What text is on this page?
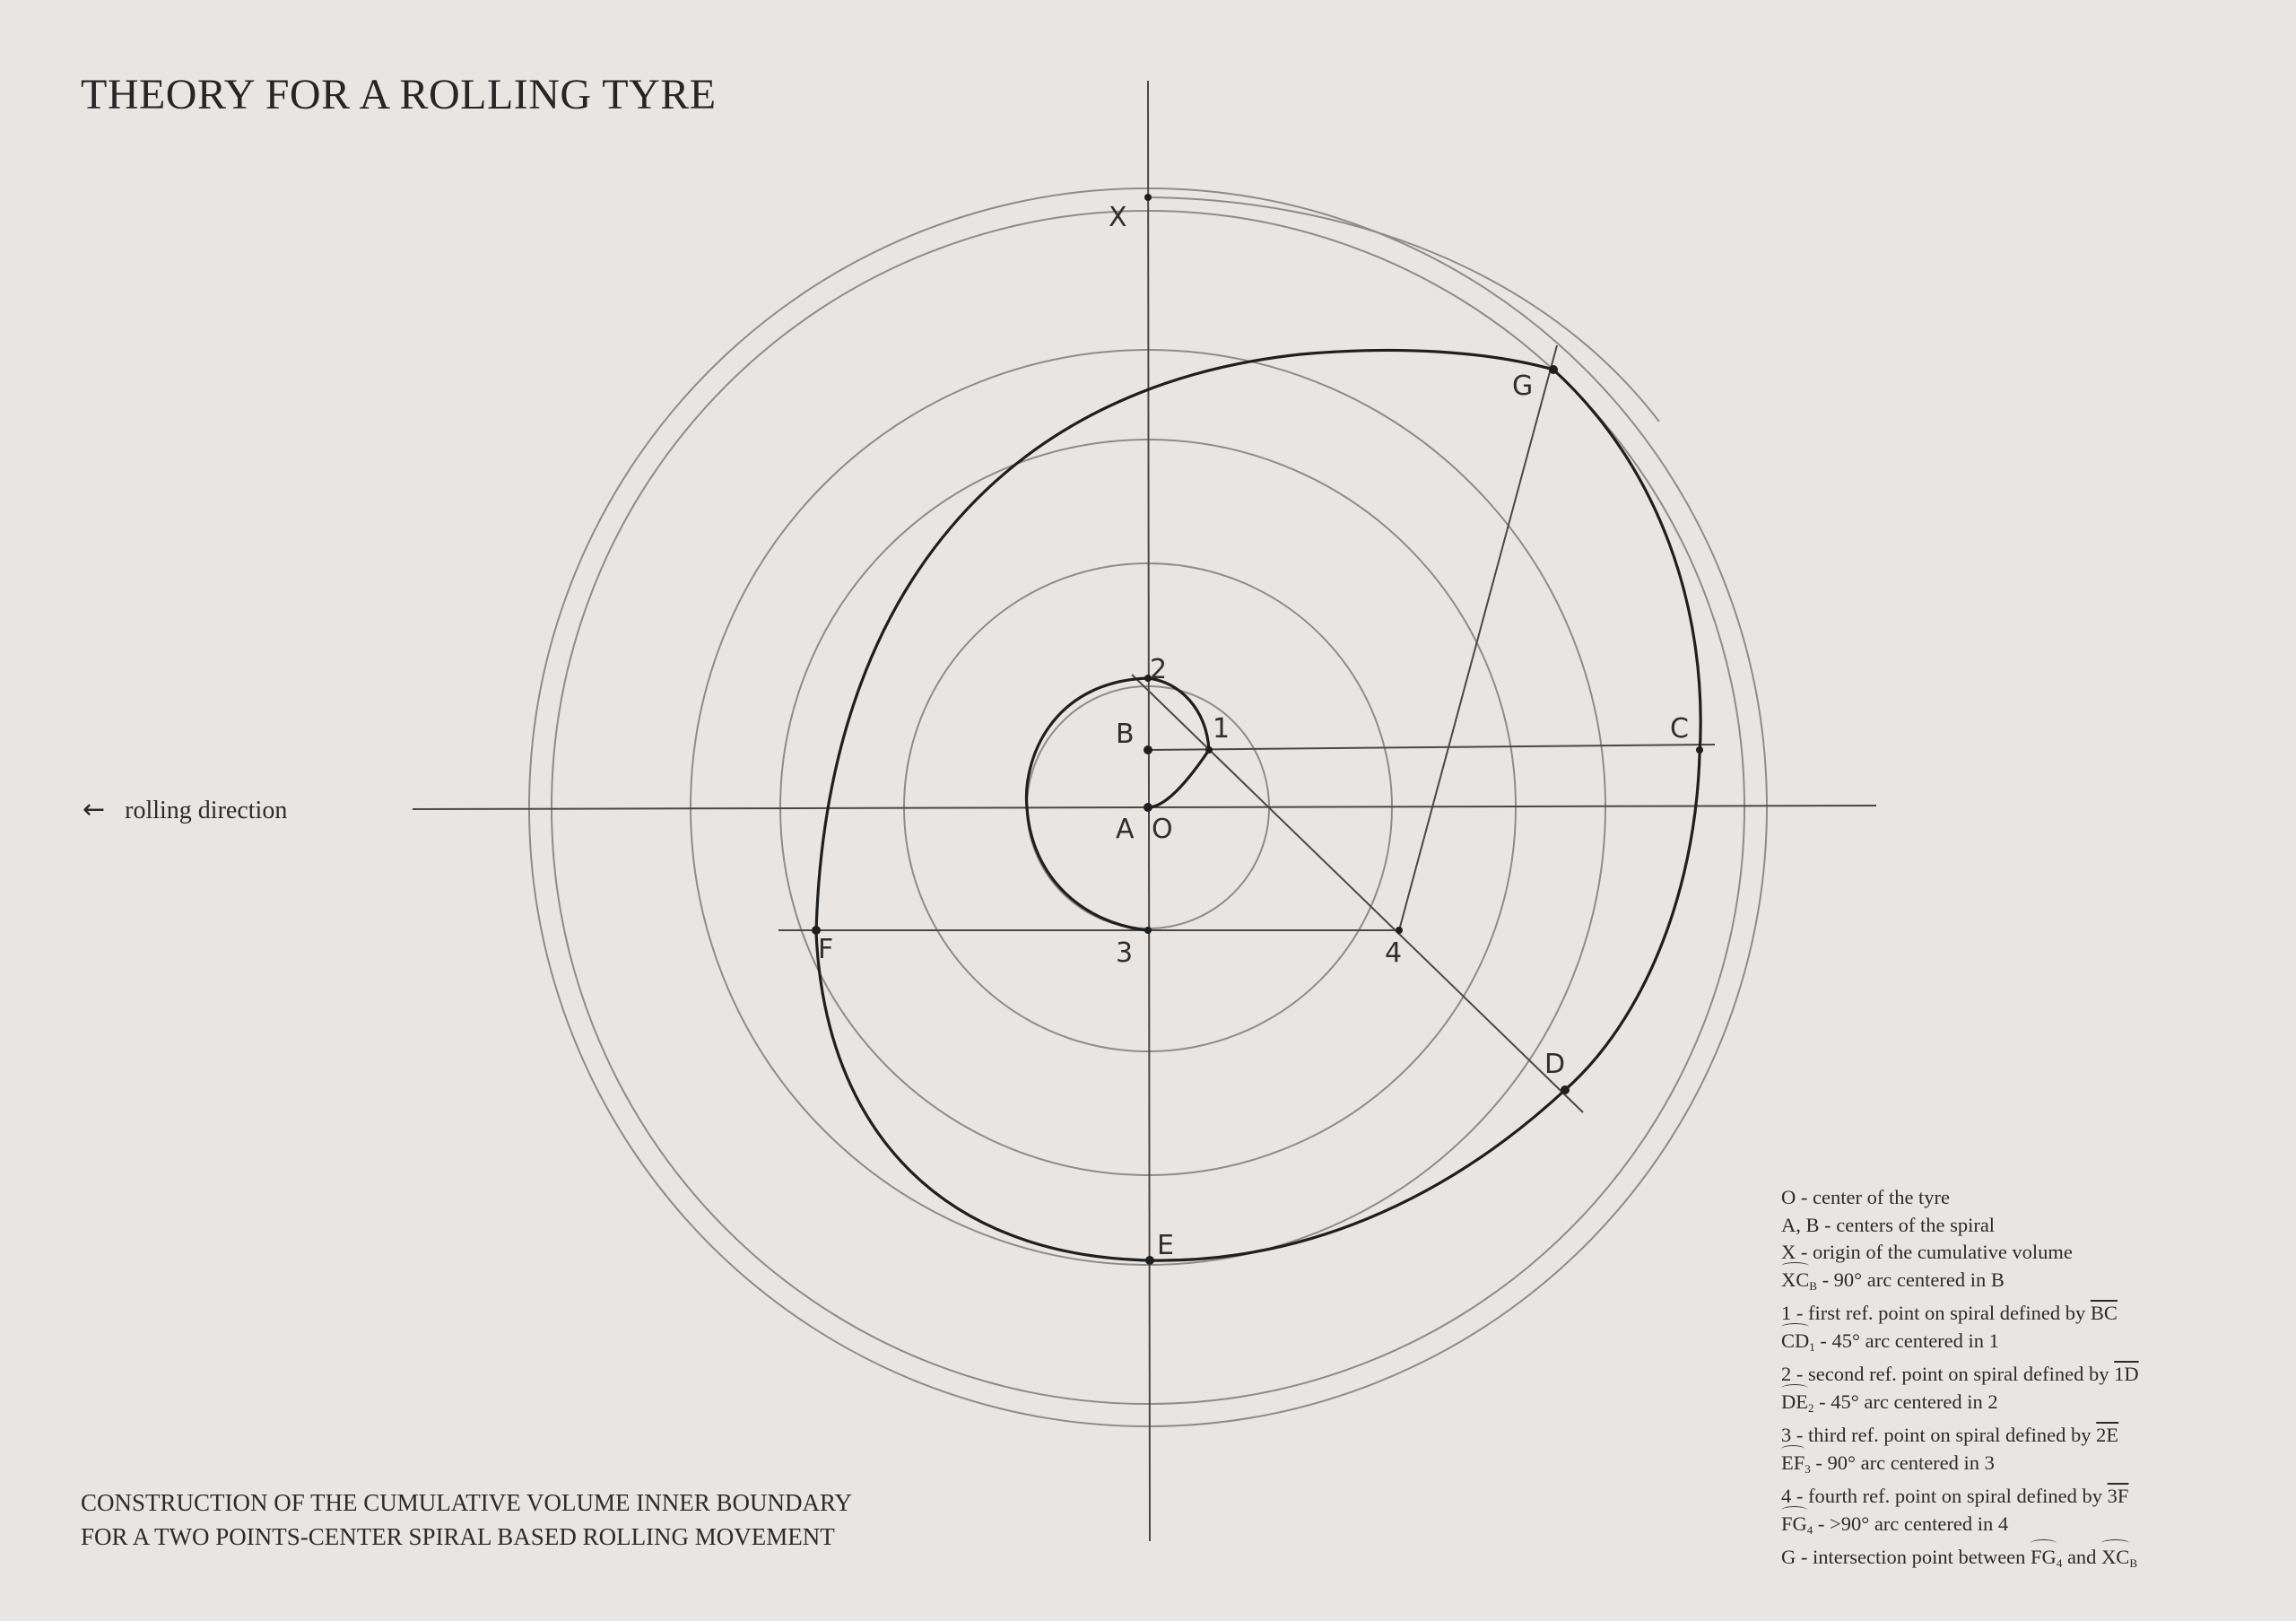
THEORY FOR A ROLLING TYRE
← rolling direction
X
G
C
D
E
F
B
A O
1
2
3	4
O - center of the tyre
A, B - centers of the spiral
X - origin of the cumulative volume
$XC_B - 90^\circ$ arc centered in B
1 - first ref. point on spiral defined by $\overline{BC}$
$CD_1 - 45^\circ$ arc centered in 1
2 - second ref. point on spiral defined by 1D
$DE_2 - 45^\circ$ arc centered in 2
3 - third ref. point on spiral defined by 2E
$EF_3 - 90^\circ$ arc centered in 3
4 - fourth ref. point on spiral defined by 3F
$FG_4 - >90^\circ$ arc centered in 4
G - intersection point between $FG_4$ and $XC_B$
CONSTRUCTION OF THE CUMULATIVE VOLUME INNER BOUNDARY
FOR A TWO POINTS-CENTER SPIRAL BASED ROLLING MOVEMENT
